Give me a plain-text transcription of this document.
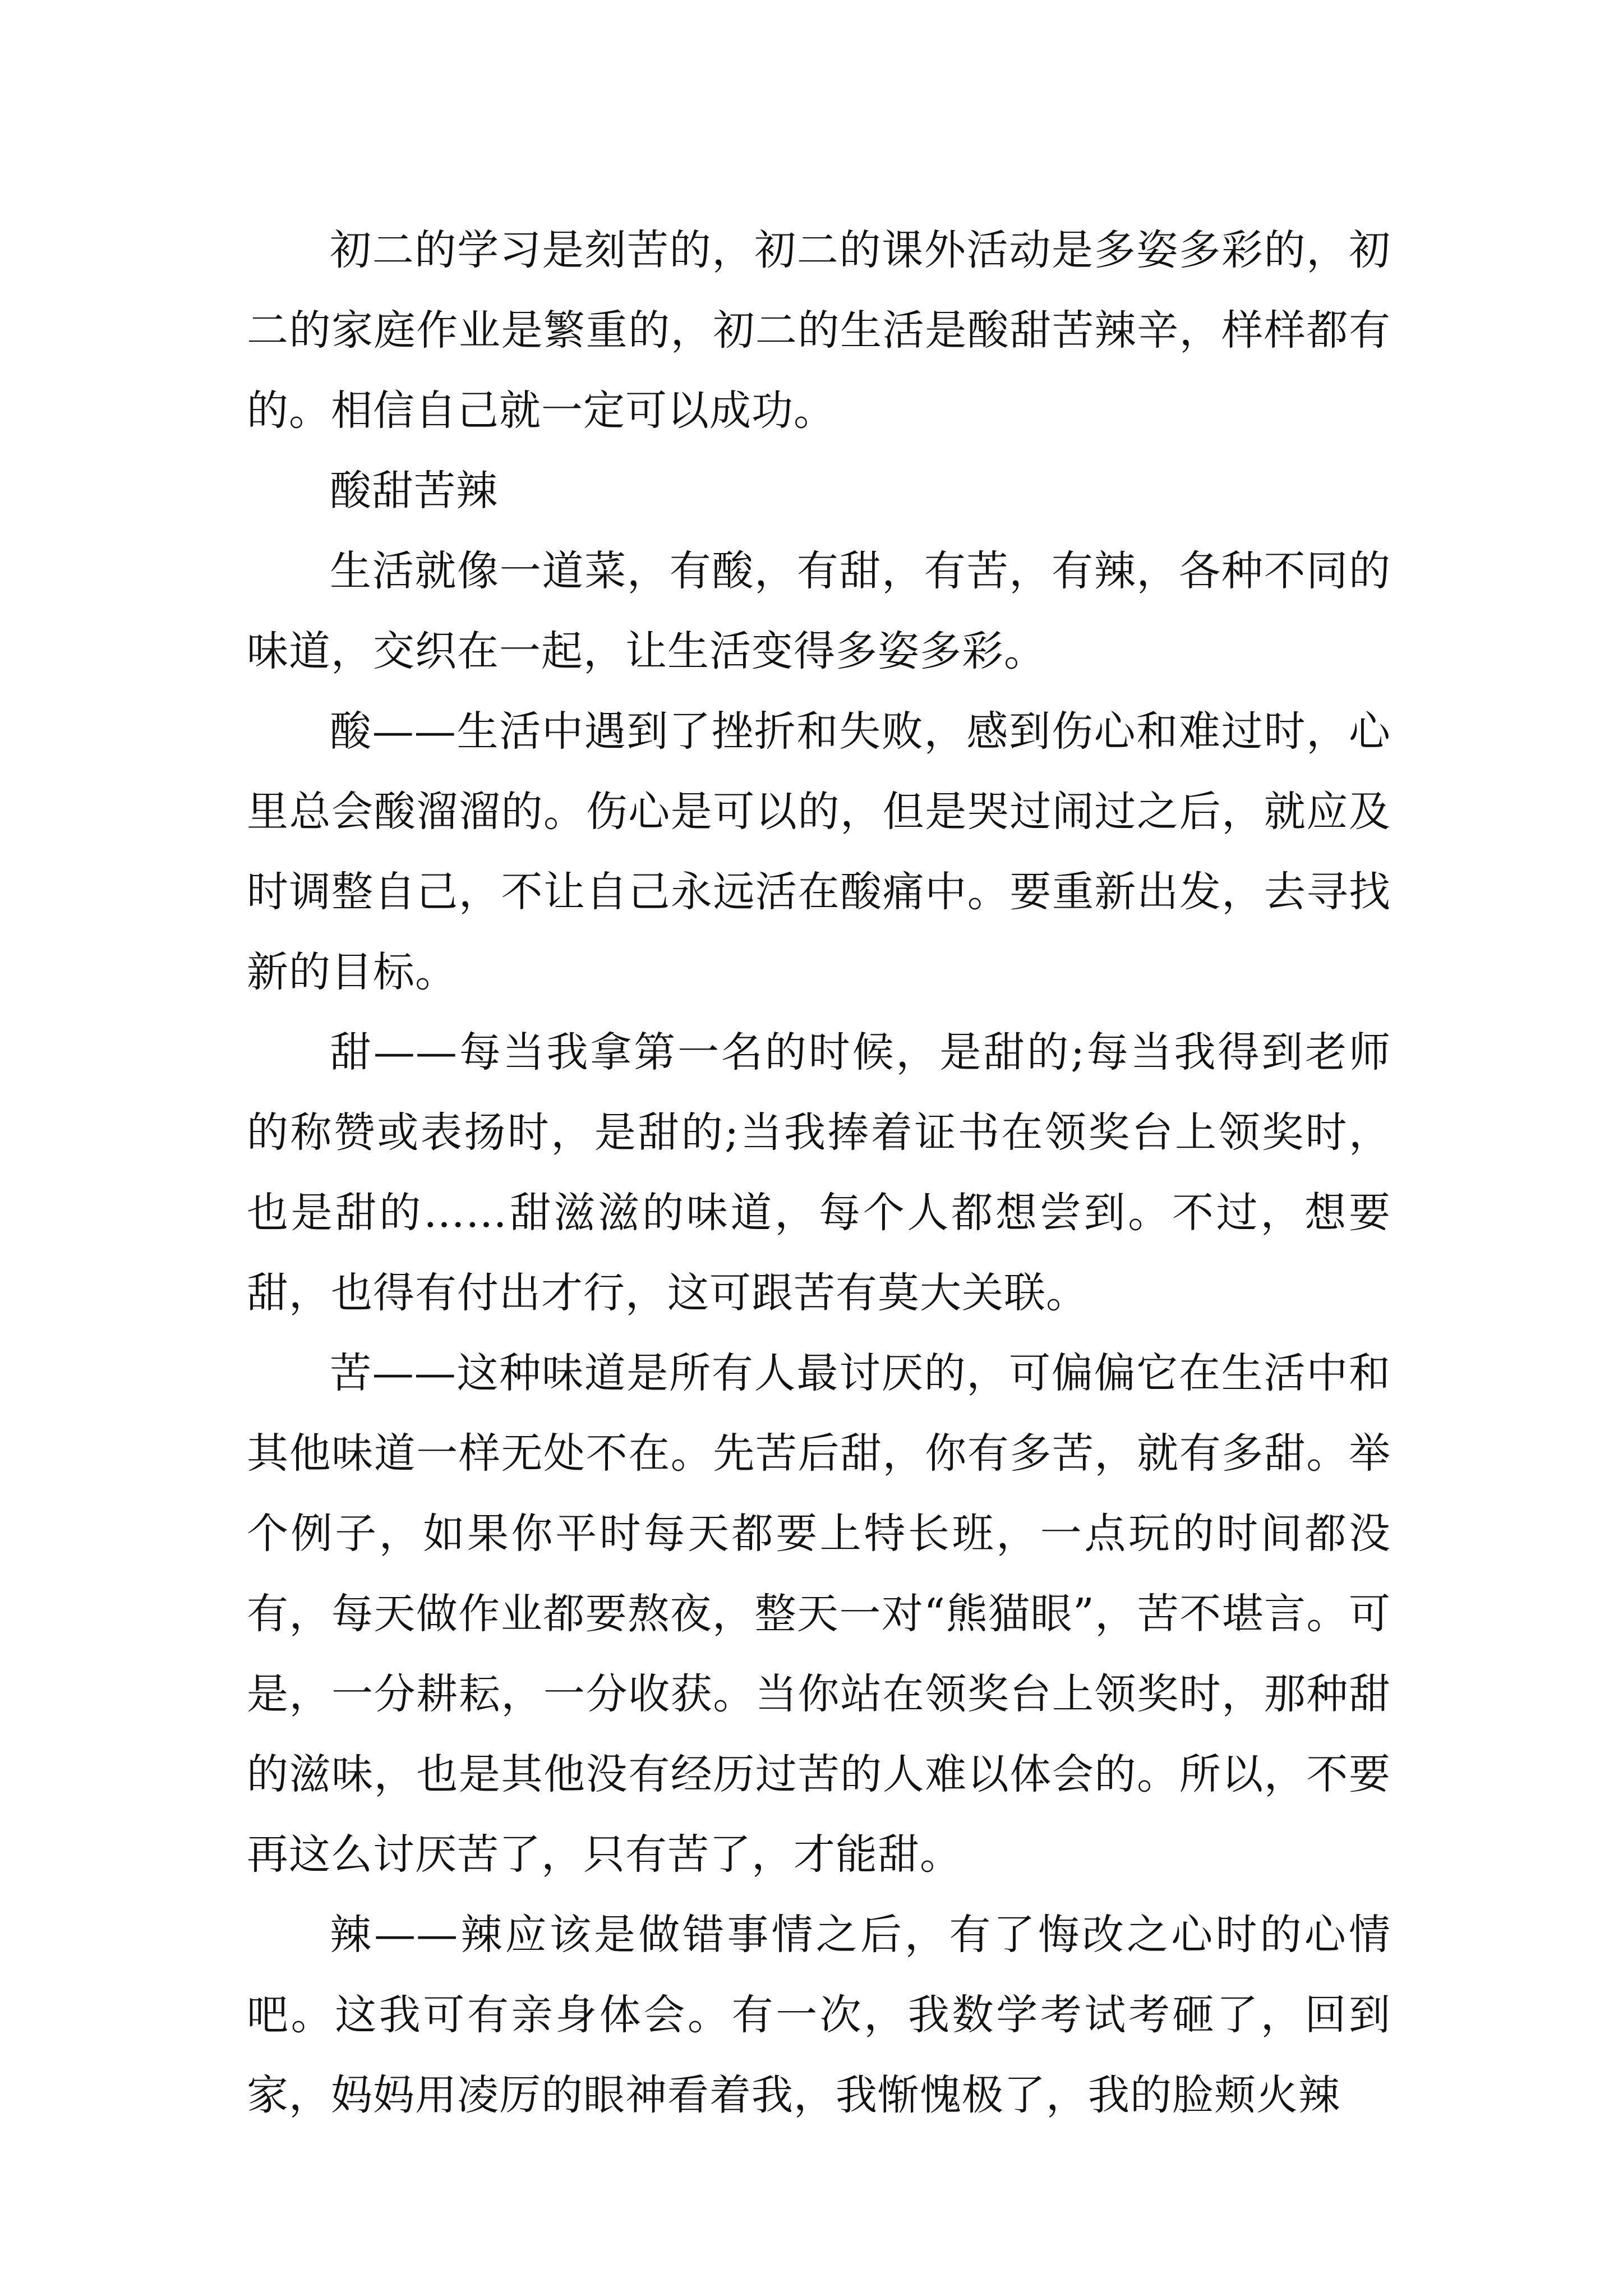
初二的学习是刻苦的，初二的课外活动是多姿多彩的，初二的家庭作业是繁重的，初二的生活是酸甜苦辣辛，样样都有的。相信自己就一定可以成功。

酸甜苦辣

生活就像一道菜，有酸，有甜，有苦，有辣，各种不同的味道，交织在一起，让生活变得多姿多彩。

酸——生活中遇到了挫折和失败，感到伤心和难过时，心里总会酸溜溜的。伤心是可以的，但是哭过闹过之后，就应及时调整自己，不让自己永远活在酸痛中。要重新出发，去寻找新的目标。

甜——每当我拿第一名的时候，是甜的;每当我得到老师的称赞或表扬时，是甜的;当我捧着证书在领奖台上领奖时，也是甜的……甜滋滋的味道，每个人都想尝到。不过，想要甜，也得有付出才行，这可跟苦有莫大关联。

苦——这种味道是所有人最讨厌的，可偏偏它在生活中和其他味道一样无处不在。先苦后甜，你有多苦，就有多甜。举个例子，如果你平时每天都要上特长班，一点玩的时间都没有，每天做作业都要熬夜，整天一对“熊猫眼”，苦不堪言。可是，一分耕耘，一分收获。当你站在领奖台上领奖时，那种甜的滋味，也是其他没有经历过苦的人难以体会的。所以，不要再这么讨厌苦了，只有苦了，才能甜。

辣——辣应该是做错事情之后，有了悔改之心时的心情吧。这我可有亲身体会。有一次，我数学考试考砸了，回到家，妈妈用凌厉的眼神看着我，我惭愧极了，我的脸颊火辣
